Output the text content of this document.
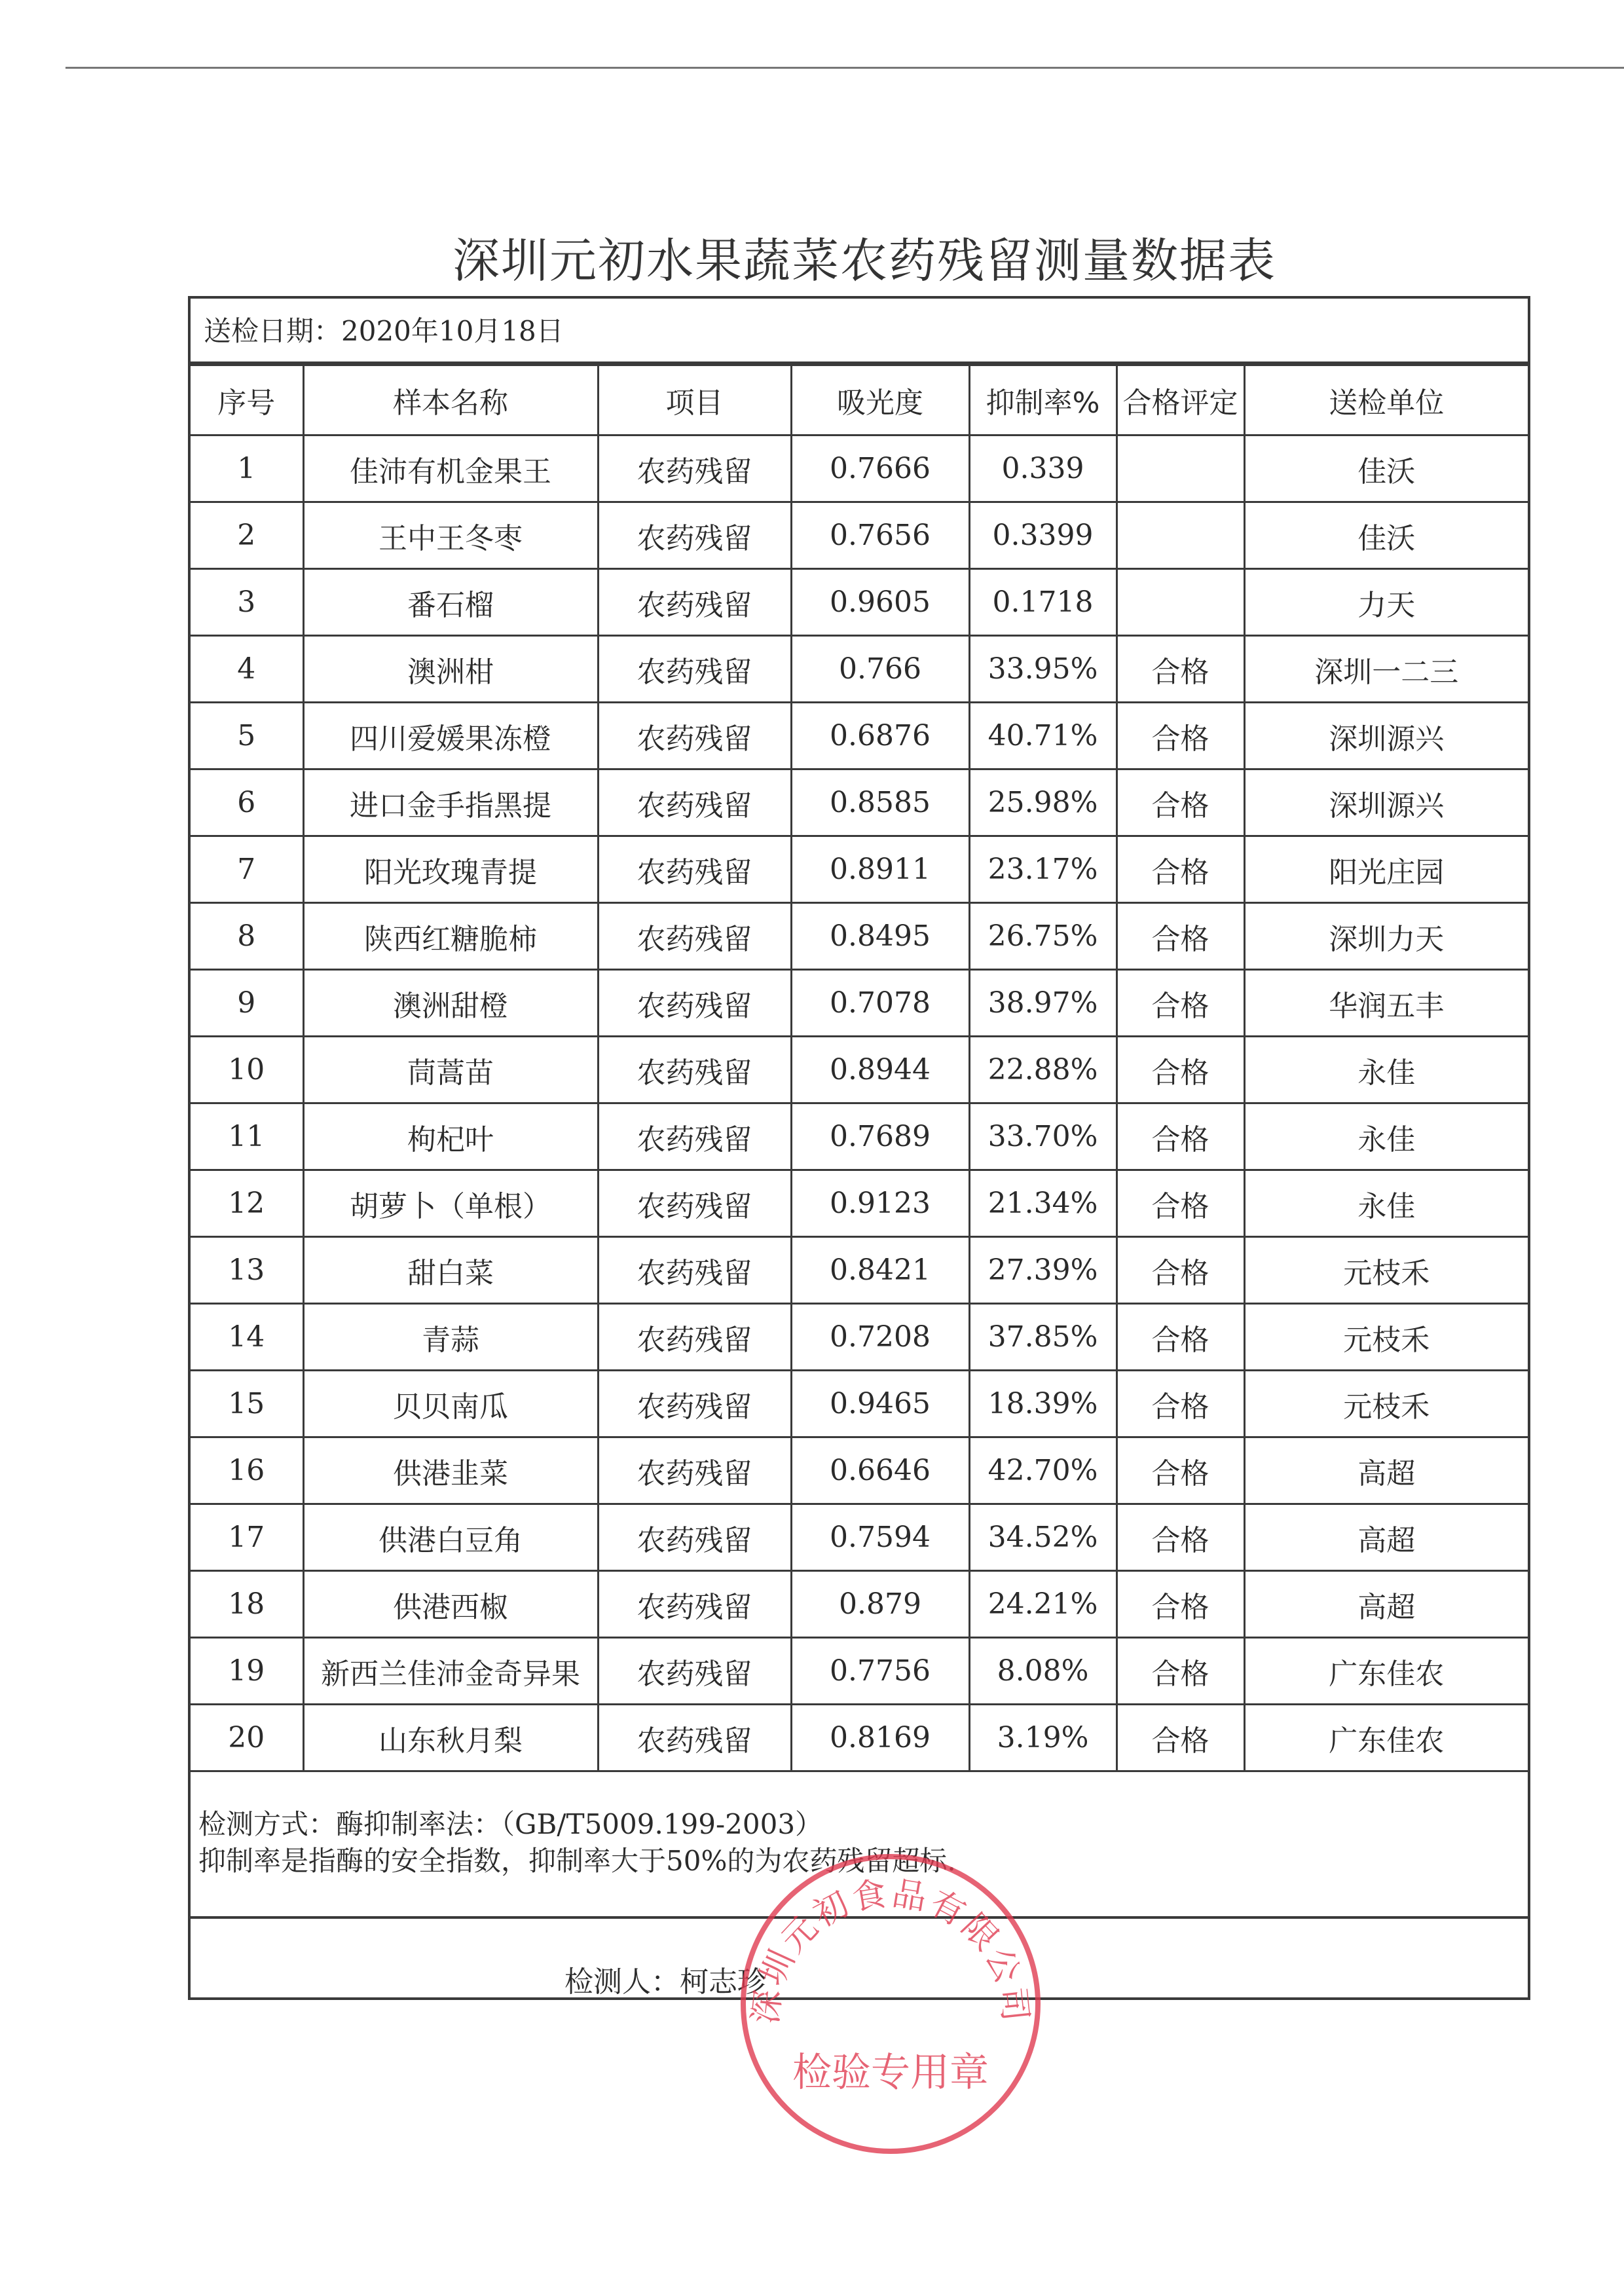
深圳元初水果蔬菜农药残留测量数据表
送检日期：2020年10月18日
序号	样本名称	项目	吸光度	抑制率%	合格评定	送检单位
1	佳沛有机金果王	农药残留	0.7666	0.339		佳沃
2	王中王冬枣	农药残留	0.7656	0.3399		佳沃
3	番石榴	农药残留	0.9605	0.1718		力天
4	澳洲柑	农药残留	0.766	33.95%	合格	深圳一二三
5	四川爱媛果冻橙	农药残留	0.6876	40.71%	合格	深圳源兴
6	进口金手指黑提	农药残留	0.8585	25.98%	合格	深圳源兴
7	阳光玫瑰青提	农药残留	0.8911	23.17%	合格	阳光庄园
8	陕西红糖脆柿	农药残留	0.8495	26.75%	合格	深圳力天
9	澳洲甜橙	农药残留	0.7078	38.97%	合格	华润五丰
10	茼蒿苗	农药残留	0.8944	22.88%	合格	永佳
11	枸杞叶	农药残留	0.7689	33.70%	合格	永佳
12	胡萝卜（单根）	农药残留	0.9123	21.34%	合格	永佳
13	甜白菜	农药残留	0.8421	27.39%	合格	元枝禾
14	青蒜	农药残留	0.7208	37.85%	合格	元枝禾
15	贝贝南瓜	农药残留	0.9465	18.39%	合格	元枝禾
16	供港韭菜	农药残留	0.6646	42.70%	合格	高超
17	供港白豆角	农药残留	0.7594	34.52%	合格	高超
18	供港西椒	农药残留	0.879	24.21%	合格	高超
19	新西兰佳沛金奇异果	农药残留	0.7756	8.08%	合格	广东佳农
20	山东秋月梨	农药残留	0.8169	3.19%	合格	广东佳农
检测方式：酶抑制率法：（GB/T5009.199-2003）
抑制率是指酶的安全指数，抑制率大于50%的为农药残留超标.
检测人：柯志珍
深圳元初食品有限公司
检验专用章
